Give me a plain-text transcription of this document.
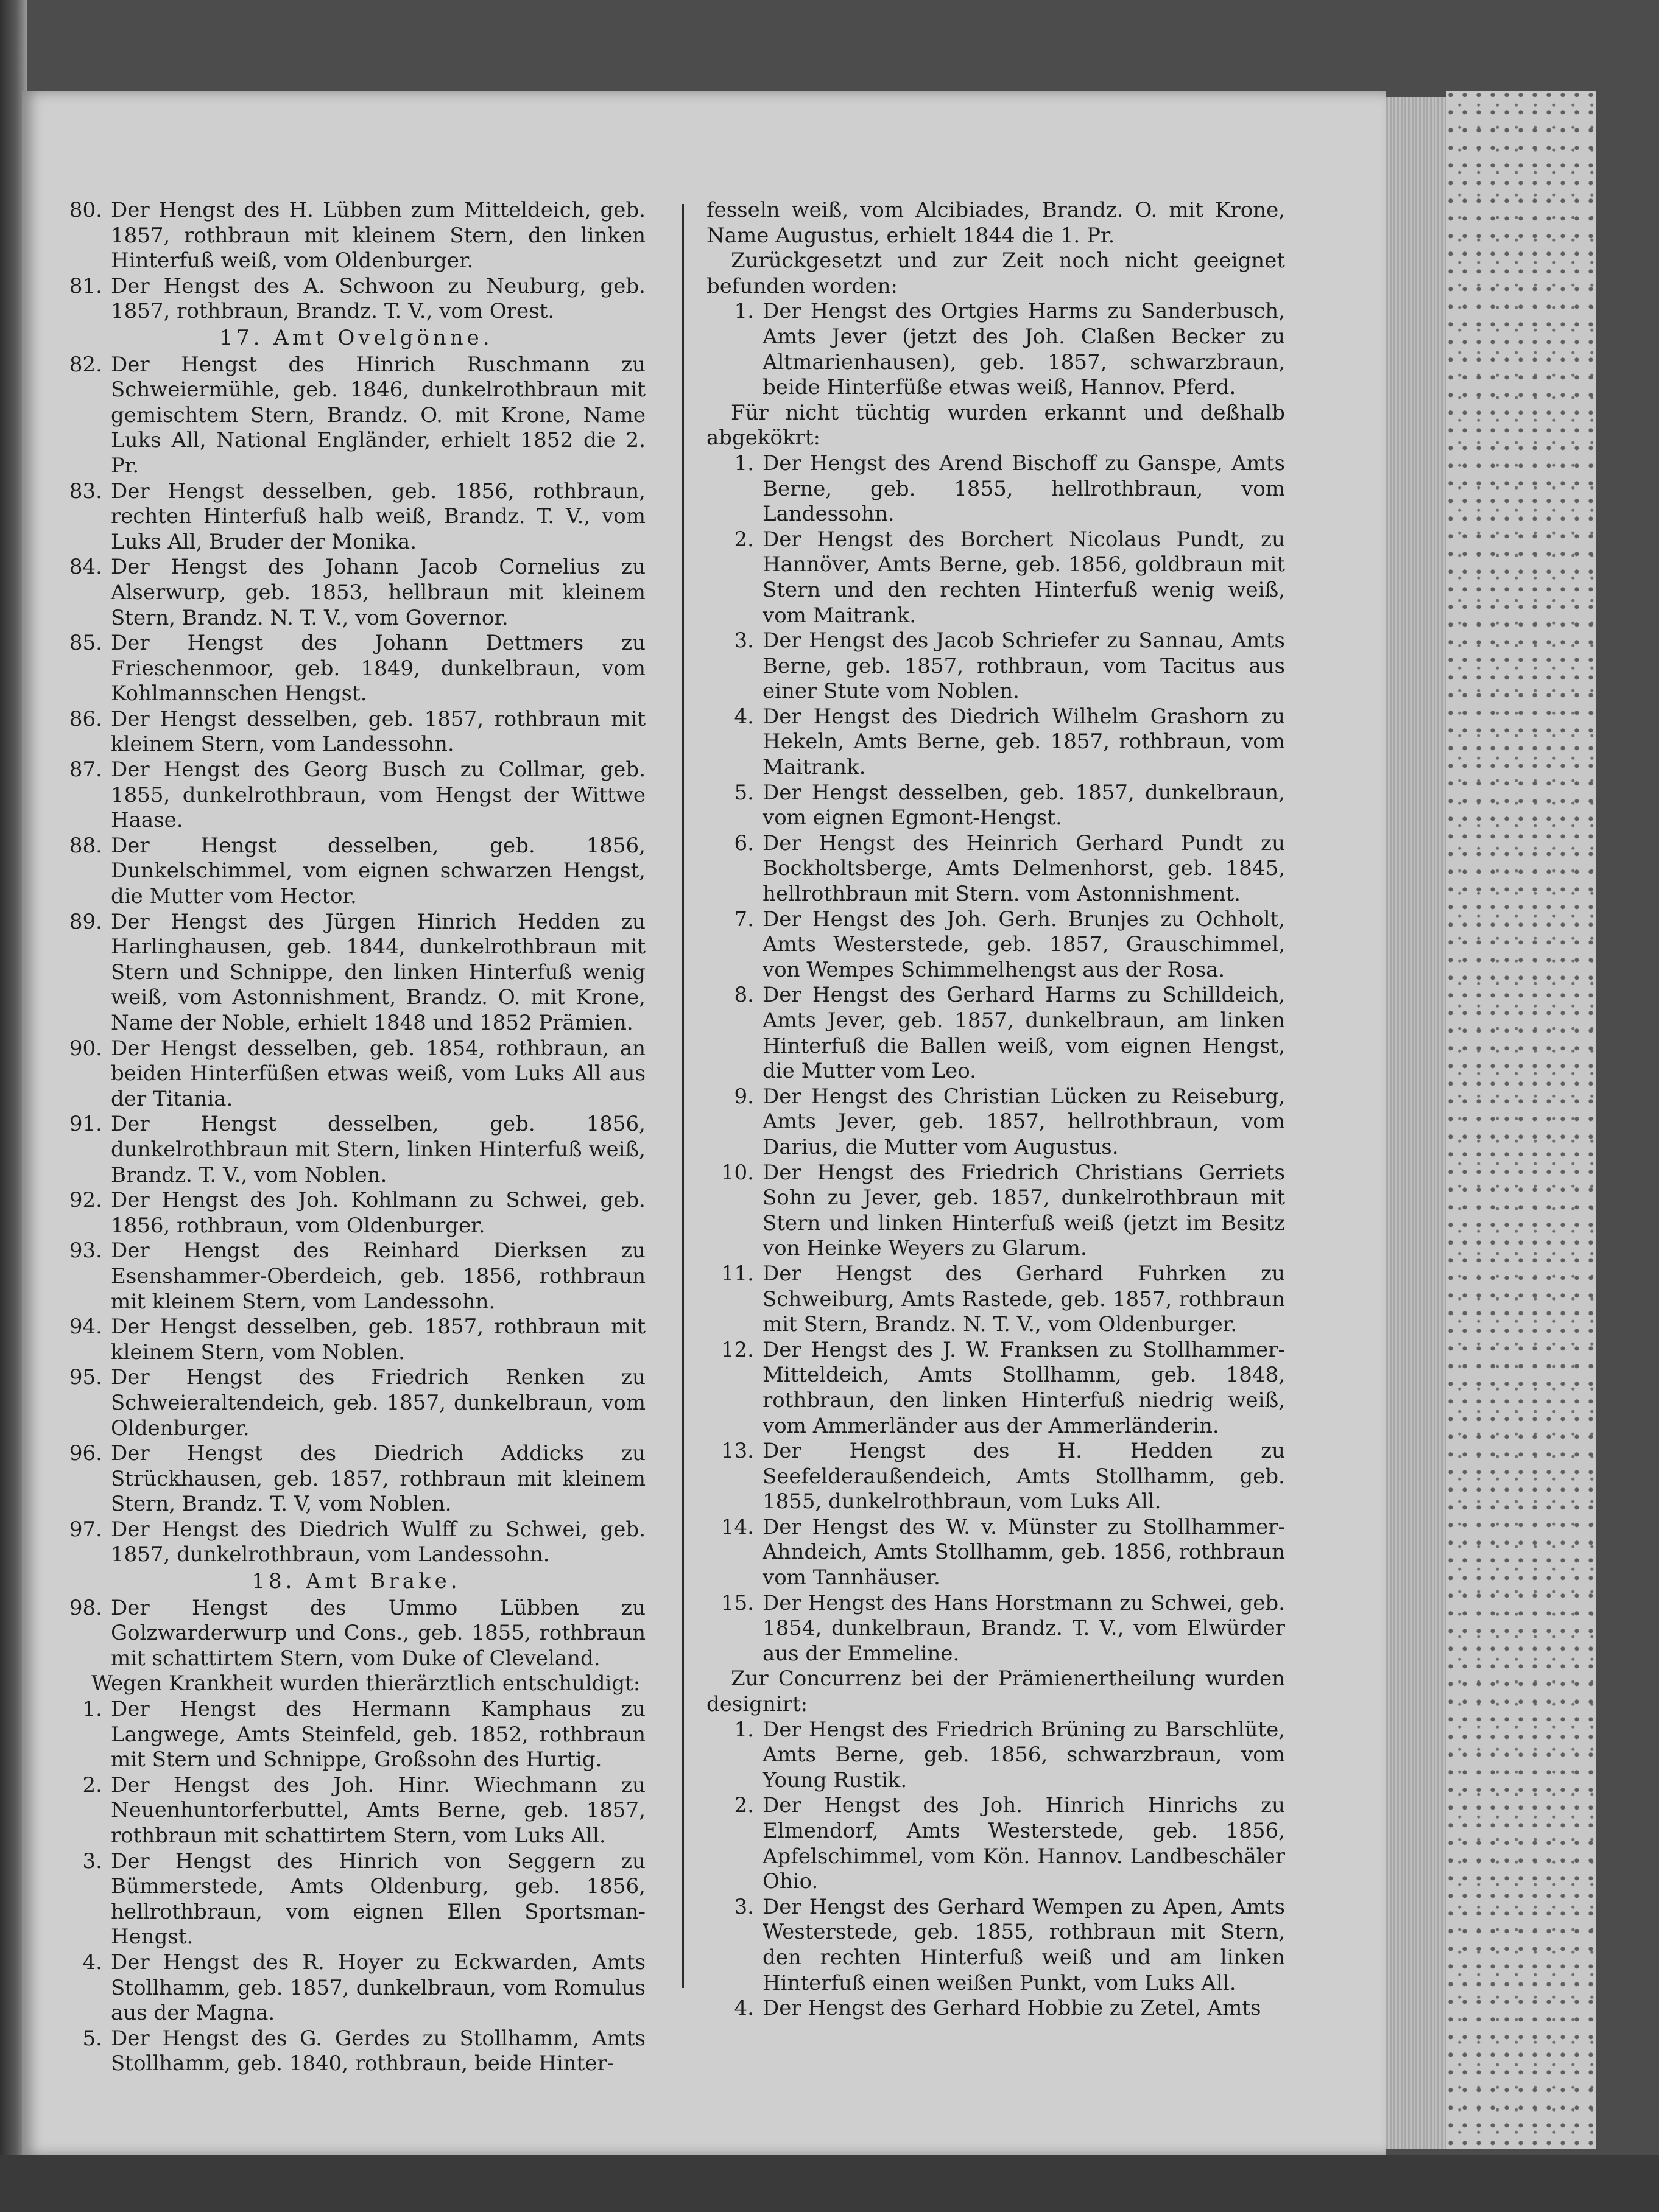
80. Der Hengst des H. Lübben zum Mitteldeich, geb. 1857, rothbraun mit kleinem Stern, den linken Hinterfuß weiß, vom Oldenburger.
81. Der Hengst des A. Schwoon zu Neuburg, geb. 1857, rothbraun, Brandz. T. V., vom Orest.
17. Amt Ovelgönne.
82. Der Hengst des Hinrich Ruschmann zu Schweiermühle, geb. 1846, dunkelrothbraun mit gemischtem Stern, Brandz. O. mit Krone, Name Luks All, National Engländer, erhielt 1852 die 2. Pr.
83. Der Hengst desselben, geb. 1856, rothbraun, rechten Hinterfuß halb weiß, Brandz. T. V., vom Luks All, Bruder der Monika.
84. Der Hengst des Johann Jacob Cornelius zu Alserwurp, geb. 1853, hellbraun mit kleinem Stern, Brandz. N. T. V., vom Governor.
85. Der Hengst des Johann Dettmers zu Frieschenmoor, geb. 1849, dunkelbraun, vom Kohlmannschen Hengst.
86. Der Hengst desselben, geb. 1857, rothbraun mit kleinem Stern, vom Landessohn.
87. Der Hengst des Georg Busch zu Collmar, geb. 1855, dunkelrothbraun, vom Hengst der Wittwe Haase.
88. Der Hengst desselben, geb. 1856, Dunkelschimmel, vom eignen schwarzen Hengst, die Mutter vom Hector.
89. Der Hengst des Jürgen Hinrich Hedden zu Harlinghausen, geb. 1844, dunkelrothbraun mit Stern und Schnippe, den linken Hinterfuß wenig weiß, vom Astonnishment, Brandz. O. mit Krone, Name der Noble, erhielt 1848 und 1852 Prämien.
90. Der Hengst desselben, geb. 1854, rothbraun, an beiden Hinterfüßen etwas weiß, vom Luks All aus der Titania.
91. Der Hengst desselben, geb. 1856, dunkelrothbraun mit Stern, linken Hinterfuß weiß, Brandz. T. V., vom Noblen.
92. Der Hengst des Joh. Kohlmann zu Schwei, geb. 1856, rothbraun, vom Oldenburger.
93. Der Hengst des Reinhard Dierksen zu Esenshammer-Oberdeich, geb. 1856, rothbraun mit kleinem Stern, vom Landessohn.
94. Der Hengst desselben, geb. 1857, rothbraun mit kleinem Stern, vom Noblen.
95. Der Hengst des Friedrich Renken zu Schweieraltendeich, geb. 1857, dunkelbraun, vom Oldenburger.
96. Der Hengst des Diedrich Addicks zu Strückhausen, geb. 1857, rothbraun mit kleinem Stern, Brandz. T. V, vom Noblen.
97. Der Hengst des Diedrich Wulff zu Schwei, geb. 1857, dunkelrothbraun, vom Landessohn.
18. Amt Brake.
98. Der Hengst des Ummo Lübben zu Golzwarderwurp und Cons., geb. 1855, rothbraun mit schattirtem Stern, vom Duke of Cleveland.
Wegen Krankheit wurden thierärztlich entschuldigt:
1. Der Hengst des Hermann Kamphaus zu Langwege, Amts Steinfeld, geb. 1852, rothbraun mit Stern und Schnippe, Großsohn des Hurtig.
2. Der Hengst des Joh. Hinr. Wiechmann zu Neuenhuntorferbuttel, Amts Berne, geb. 1857, rothbraun mit schattirtem Stern, vom Luks All.
3. Der Hengst des Hinrich von Seggern zu Bümmerstede, Amts Oldenburg, geb. 1856, hellrothbraun, vom eignen Ellen Sportsman-Hengst.
4. Der Hengst des R. Hoyer zu Eckwarden, Amts Stollhamm, geb. 1857, dunkelbraun, vom Romulus aus der Magna.
5. Der Hengst des G. Gerdes zu Stollhamm, Amts Stollhamm, geb. 1840, rothbraun, beide Hinter-
fesseln weiß, vom Alcibiades, Brandz. O. mit Krone, Name Augustus, erhielt 1844 die 1. Pr.
Zurückgesetzt und zur Zeit noch nicht geeignet befunden worden:
1. Der Hengst des Ortgies Harms zu Sanderbusch, Amts Jever (jetzt des Joh. Claßen Becker zu Altmarienhausen), geb. 1857, schwarzbraun, beide Hinterfüße etwas weiß, Hannov. Pferd.
Für nicht tüchtig wurden erkannt und deßhalb abgekökrt:
1. Der Hengst des Arend Bischoff zu Ganspe, Amts Berne, geb. 1855, hellrothbraun, vom Landessohn.
2. Der Hengst des Borchert Nicolaus Pundt, zu Hannöver, Amts Berne, geb. 1856, goldbraun mit Stern und den rechten Hinterfuß wenig weiß, vom Maitrank.
3. Der Hengst des Jacob Schriefer zu Sannau, Amts Berne, geb. 1857, rothbraun, vom Tacitus aus einer Stute vom Noblen.
4. Der Hengst des Diedrich Wilhelm Grashorn zu Hekeln, Amts Berne, geb. 1857, rothbraun, vom Maitrank.
5. Der Hengst desselben, geb. 1857, dunkelbraun, vom eignen Egmont-Hengst.
6. Der Hengst des Heinrich Gerhard Pundt zu Bockholtsberge, Amts Delmenhorst, geb. 1845, hellrothbraun mit Stern. vom Astonnishment.
7. Der Hengst des Joh. Gerh. Brunjes zu Ochholt, Amts Westerstede, geb. 1857, Grauschimmel, von Wempes Schimmelhengst aus der Rosa.
8. Der Hengst des Gerhard Harms zu Schilldeich, Amts Jever, geb. 1857, dunkelbraun, am linken Hinterfuß die Ballen weiß, vom eignen Hengst, die Mutter vom Leo.
9. Der Hengst des Christian Lücken zu Reiseburg, Amts Jever, geb. 1857, hellrothbraun, vom Darius, die Mutter vom Augustus.
10. Der Hengst des Friedrich Christians Gerriets Sohn zu Jever, geb. 1857, dunkelrothbraun mit Stern und linken Hinterfuß weiß (jetzt im Besitz von Heinke Weyers zu Glarum.
11. Der Hengst des Gerhard Fuhrken zu Schweiburg, Amts Rastede, geb. 1857, rothbraun mit Stern, Brandz. N. T. V., vom Oldenburger.
12. Der Hengst des J. W. Franksen zu Stollhammer-Mitteldeich, Amts Stollhamm, geb. 1848, rothbraun, den linken Hinterfuß niedrig weiß, vom Ammerländer aus der Ammerländerin.
13. Der Hengst des H. Hedden zu Seefelderaußendeich, Amts Stollhamm, geb. 1855, dunkelrothbraun, vom Luks All.
14. Der Hengst des W. v. Münster zu Stollhammer-Ahndeich, Amts Stollhamm, geb. 1856, rothbraun vom Tannhäuser.
15. Der Hengst des Hans Horstmann zu Schwei, geb. 1854, dunkelbraun, Brandz. T. V., vom Elwürder aus der Emmeline.
Zur Concurrenz bei der Prämienertheilung wurden designirt:
1. Der Hengst des Friedrich Brüning zu Barschlüte, Amts Berne, geb. 1856, schwarzbraun, vom Young Rustik.
2. Der Hengst des Joh. Hinrich Hinrichs zu Elmendorf, Amts Westerstede, geb. 1856, Apfelschimmel, vom Kön. Hannov. Landbeschäler Ohio.
3. Der Hengst des Gerhard Wempen zu Apen, Amts Westerstede, geb. 1855, rothbraun mit Stern, den rechten Hinterfuß weiß und am linken Hinterfuß einen weißen Punkt, vom Luks All.
4. Der Hengst des Gerhard Hobbie zu Zetel, Amts
